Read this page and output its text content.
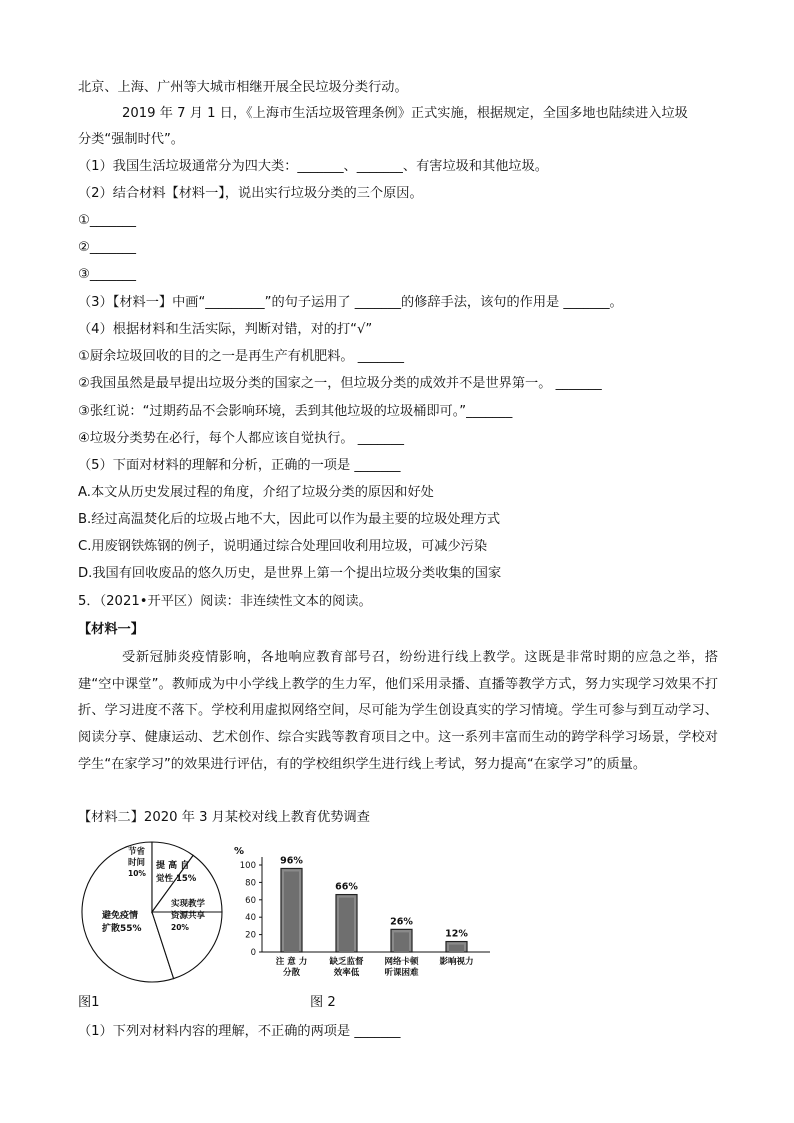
北京、上海、广州等大城市相继开展全民垃圾分类行动。
2019 年 7 月 1 日，《上海市生活垃圾管理条例》正式实施，根据规定，全国多地也陆续进入垃圾
分类“强制时代”。
（1）我国生活垃圾通常分为四大类：_______、_______、有害垃圾和其他垃圾。
（2）结合材料【材料一】，说出实行垃圾分类的三个原因。
①_______
②_______
③_______
（3）【材料一】中画“_________”的句子运用了 _______的修辞手法，该句的作用是 _______。
（4）根据材料和生活实际，判断对错，对的打“√”
①厨余垃圾回收的目的之一是再生产有机肥料。 _______
②我国虽然是最早提出垃圾分类的国家之一，但垃圾分类的成效并不是世界第一。 _______
③张红说：“过期药品不会影响环境，丢到其他垃圾的垃圾桶即可。”_______
④垃圾分类势在必行，每个人都应该自觉执行。 _______
（5）下面对材料的理解和分析，正确的一项是 _______
A.本文从历史发展过程的角度，介绍了垃圾分类的原因和好处
B.经过高温焚化后的垃圾占地不大，因此可以作为最主要的垃圾处理方式
C.用废钢铁炼钢的例子，说明通过综合处理回收利用垃圾，可减少污染
D.我国有回收废品的悠久历史，是世界上第一个提出垃圾分类收集的国家
5．（2021•开平区）阅读：非连续性文本的阅读。
【材料一】
受新冠肺炎疫情影响，各地响应教育部号召，纷纷进行线上教学。这既是非常时期的应急之举，搭建“空中课堂”。教师成为中小学线上教学的生力军，他们采用录播、直播等教学方式，努力实现学习效果不打折、学习进度不落下。学校利用虚拟网络空间，尽可能为学生创设真实的学习情境。学生可参与到互动学习、阅读分享、健康运动、艺术创作、综合实践等教育项目之中。这一系列丰富而生动的跨学科学习场景，学校对学生“在家学习”的效果进行评估，有的学校组织学生进行线上考试，努力提高“在家学习”的质量。
【材料二】2020 年 3 月某校对线上教育优势调查
避免疫情
扩散55%
节省
时间
10%
提 高 自
觉性 15%
实现教学
资源共享
20%
%
0
20
40
60
80
100	96%
注 意 力
分散
66%
缺乏监督
效率低
26%
网络卡顿
听课困难
12%
影响视力
图1	图 2
（1）下列对材料内容的理解，不正确的两项是 _______
